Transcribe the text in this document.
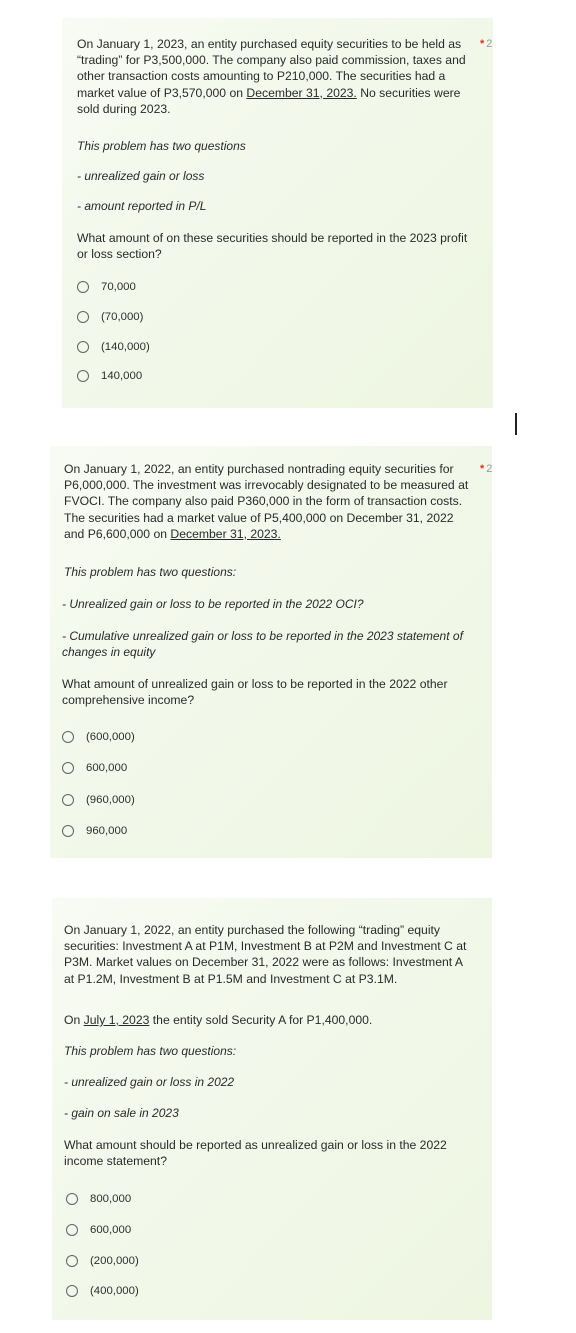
On January 1, 2023, an entity purchased equity securities to be held as
“trading” for P3,500,000. The company also paid commission, taxes and
other transaction costs amounting to P210,000. The securities had a
market value of P3,570,000 on December 31, 2023. No securities were
sold during 2023.
This problem has two questions
- unrealized gain or loss
- amount reported in P/L
What amount of on these securities should be reported in the 2023 profit
or loss section?
70,000
(70,000)
(140,000)
140,000
* 2
On January 1, 2022, an entity purchased nontrading equity securities for
P6,000,000. The investment was irrevocably designated to be measured at
FVOCI. The company also paid P360,000 in the form of transaction costs.
The securities had a market value of P5,400,000 on December 31, 2022
and P6,600,000 on December 31, 2023.
This problem has two questions:
- Unrealized gain or loss to be reported in the 2022 OCI?
- Cumulative unrealized gain or loss to be reported in the 2023 statement of
changes in equity
What amount of unrealized gain or loss to be reported in the 2022 other
comprehensive income?
(600,000)
600,000
(960,000)
960,000
* 2
On January 1, 2022, an entity purchased the following “trading” equity
securities: Investment A at P1M, Investment B at P2M and Investment C at
P3M. Market values on December 31, 2022 were as follows: Investment A
at P1.2M, Investment B at P1.5M and Investment C at P3.1M.
On July 1, 2023 the entity sold Security A for P1,400,000.
This problem has two questions:
- unrealized gain or loss in 2022
- gain on sale in 2023
What amount should be reported as unrealized gain or loss in the 2022
income statement?
800,000
600,000
(200,000)
(400,000)
